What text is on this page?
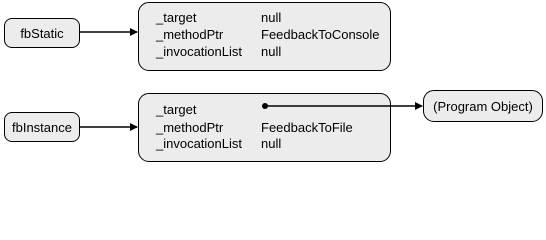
fbStatic
fbInstance
_target	null
_methodPtr	FeedbackToConsole
_invocationList null
_target
_methodPtr	FeedbackToFile
_invocationList null
(Program Object)
